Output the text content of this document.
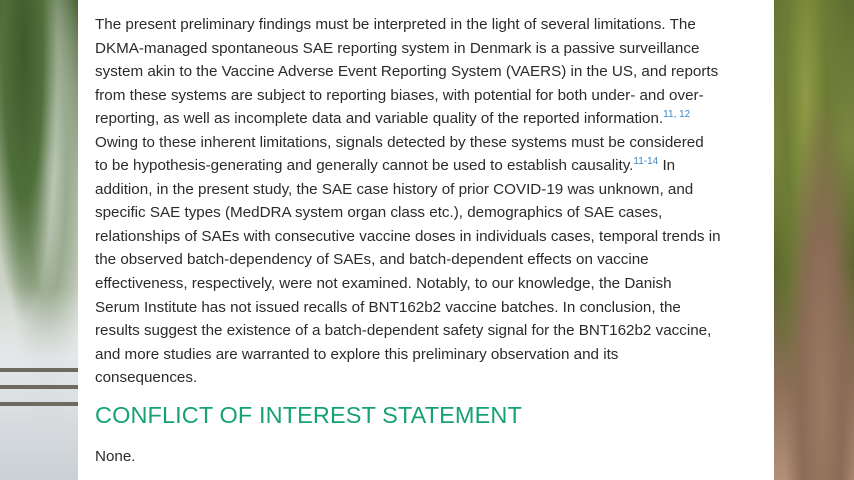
The present preliminary findings must be interpreted in the light of several limitations. The
DKMA-managed spontaneous SAE reporting system in Denmark is a passive surveillance
system akin to the Vaccine Adverse Event Reporting System (VAERS) in the US, and reports
from these systems are subject to reporting biases, with potential for both under- and over-
reporting, as well as incomplete data and variable quality of the reported information.$^{11,}$ $^{12}$
Owing to these inherent limitations, signals detected by these systems must be considered
to be hypothesis-generating and generally cannot be used to establish causality.$^{11-14}$ In
addition, in the present study, the SAE case history of prior COVID-19 was unknown, and
specific SAE types (MedDRA system organ class etc.), demographics of SAE cases,
relationships of SAEs with consecutive vaccine doses in individuals cases, temporal trends in
the observed batch-dependency of SAEs, and batch-dependent effects on vaccine
effectiveness, respectively, were not examined. Notably, to our knowledge, the Danish
Serum Institute has not issued recalls of BNT162b2 vaccine batches. In conclusion, the
results suggest the existence of a batch-dependent safety signal for the BNT162b2 vaccine,
and more studies are warranted to explore this preliminary observation and its
consequences.

CONFLICT OF INTEREST STATEMENT

None.
